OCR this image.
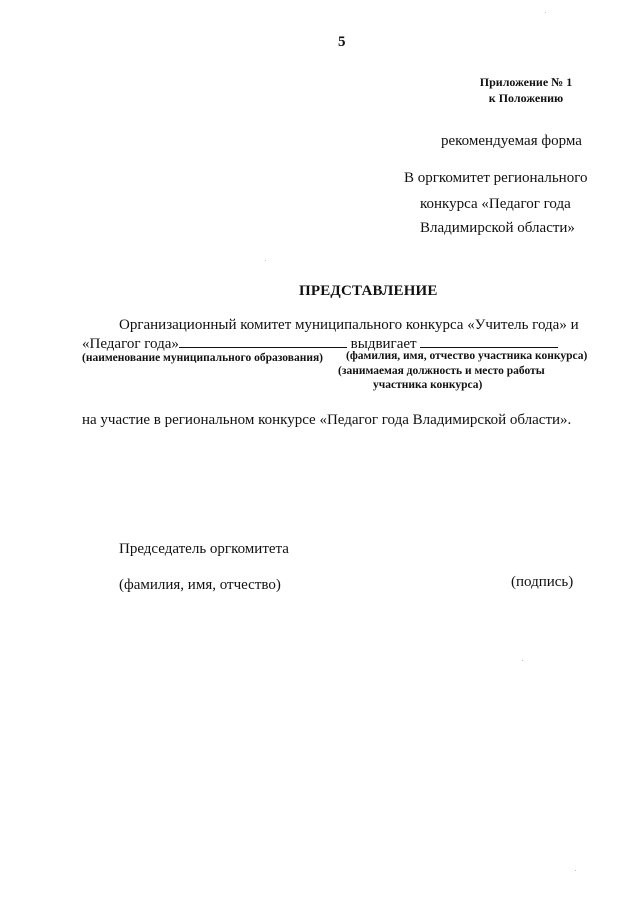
5
Приложение № 1
к Положению
рекомендуемая форма
В оргкомитет регионального
конкурса «Педагог года
Владимирской области»
ПРЕДСТАВЛЕНИЕ
Организационный комитет муниципального конкурса «Учитель года» и
«Педагог года»	выдвигает
(наименование муниципального образования) (фамилия, имя, отчество участника конкурса)
(занимаемая должность и место работы
участника конкурса)
на участие в региональном конкурсе «Педагог года Владимирской области».
Председатель оргкомитета
(фамилия, имя, отчество)	(подпись)
